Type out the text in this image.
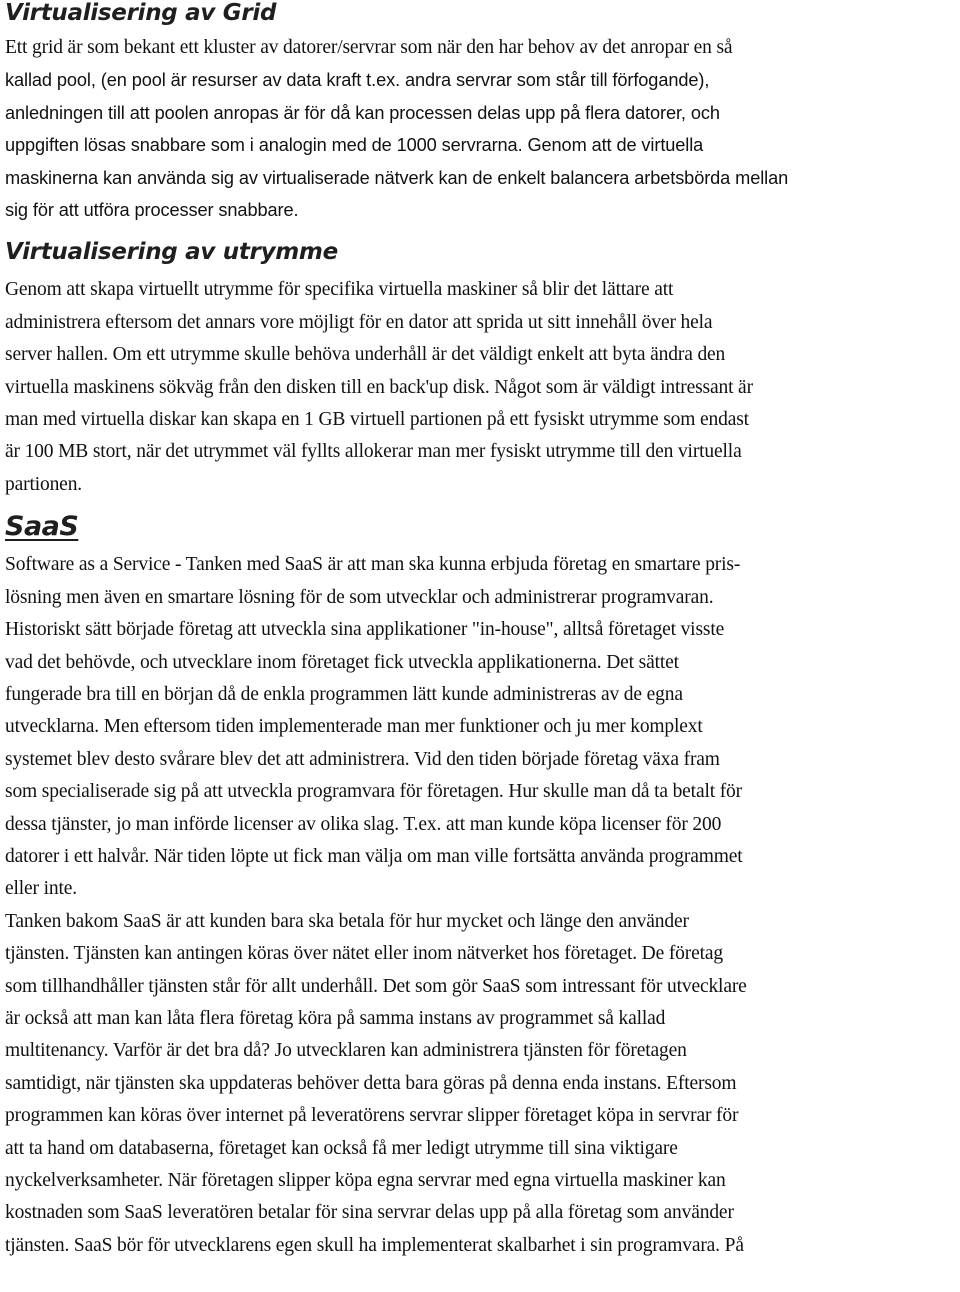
Virtualisering av Grid

Ett grid är som bekant ett kluster av datorer/servrar som när den har behov av det anropar en så
kallad pool, (en pool är resurser av data kraft t.ex. andra servrar som står till förfogande),
anledningen till att poolen anropas är för då kan processen delas upp på flera datorer, och
uppgiften lösas snabbare som i analogin med de 1000 servrarna. Genom att de virtuella
maskinerna kan använda sig av virtualiserade nätverk kan de enkelt balancera arbetsbörda mellan
sig för att utföra processer snabbare.

Virtualisering av utrymme

Genom att skapa virtuellt utrymme för specifika virtuella maskiner så blir det lättare att
administrera eftersom det annars vore möjligt för en dator att sprida ut sitt innehåll över hela
server hallen. Om ett utrymme skulle behöva underhåll är det väldigt enkelt att byta ändra den
virtuella maskinens sökväg från den disken till en back'up disk. Något som är väldigt intressant är
man med virtuella diskar kan skapa en 1 GB virtuell partionen på ett fysiskt utrymme som endast
är 100 MB stort, när det utrymmet väl fyllts allokerar man mer fysiskt utrymme till den virtuella
partionen.

SaaS

Software as a Service - Tanken med SaaS är att man ska kunna erbjuda företag en smartare pris-
lösning men även en smartare lösning för de som utvecklar och administrerar programvaran.
Historiskt sätt började företag att utveckla sina applikationer "in-house", alltså företaget visste
vad det behövde, och utvecklare inom företaget fick utveckla applikationerna. Det sättet
fungerade bra till en början då de enkla programmen lätt kunde administreras av de egna
utvecklarna. Men eftersom tiden implementerade man mer funktioner och ju mer komplext
systemet blev desto svårare blev det att administrera. Vid den tiden började företag växa fram
som specialiserade sig på att utveckla programvara för företagen. Hur skulle man då ta betalt för
dessa tjänster, jo man införde licenser av olika slag. T.ex. att man kunde köpa licenser för 200
datorer i ett halvår. När tiden löpte ut fick man välja om man ville fortsätta använda programmet
eller inte.
Tanken bakom SaaS är att kunden bara ska betala för hur mycket och länge den använder
tjänsten. Tjänsten kan antingen köras över nätet eller inom nätverket hos företaget. De företag
som tillhandhåller tjänsten står för allt underhåll. Det som gör SaaS som intressant för utvecklare
är också att man kan låta flera företag köra på samma instans av programmet så kallad
multitenancy. Varför är det bra då? Jo utvecklaren kan administrera tjänsten för företagen
samtidigt, när tjänsten ska uppdateras behöver detta bara göras på denna enda instans. Eftersom
programmen kan köras över internet på leveratörens servrar slipper företaget köpa in servrar för
att ta hand om databaserna, företaget kan också få mer ledigt utrymme till sina viktigare
nyckelverksamheter. När företagen slipper köpa egna servrar med egna virtuella maskiner kan
kostnaden som SaaS leveratören betalar för sina servrar delas upp på alla företag som använder
tjänsten. SaaS bör för utvecklarens egen skull ha implementerat skalbarhet i sin programvara. På
